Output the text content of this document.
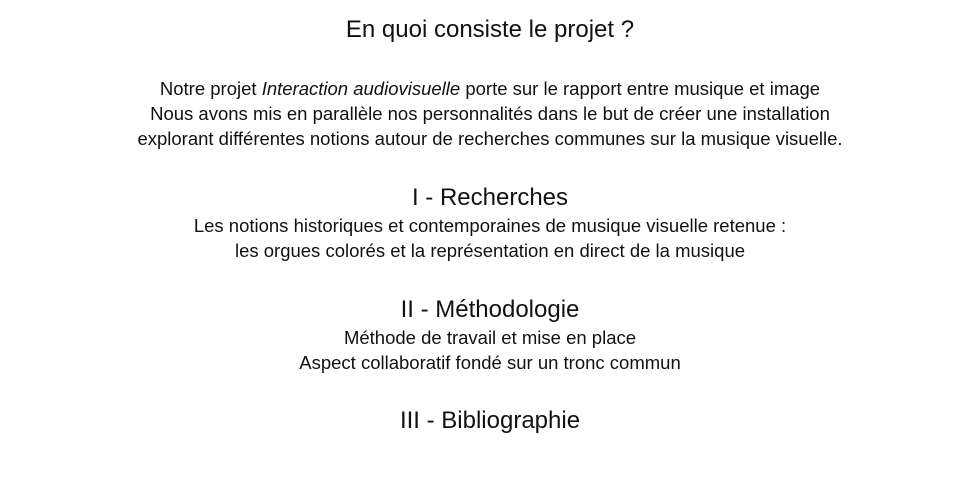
En quoi consiste le projet ?
Notre projet Interaction audiovisuelle porte sur le rapport entre musique et image
Nous avons mis en parallèle nos personnalités dans le but de créer une installation
explorant différentes notions autour de recherches communes sur la musique visuelle.
I - Recherches
Les notions historiques et contemporaines de musique visuelle retenue :
les orgues colorés et la représentation en direct de la musique
II - Méthodologie
Méthode de travail et mise en place
Aspect collaboratif fondé sur un tronc commun
III - Bibliographie
